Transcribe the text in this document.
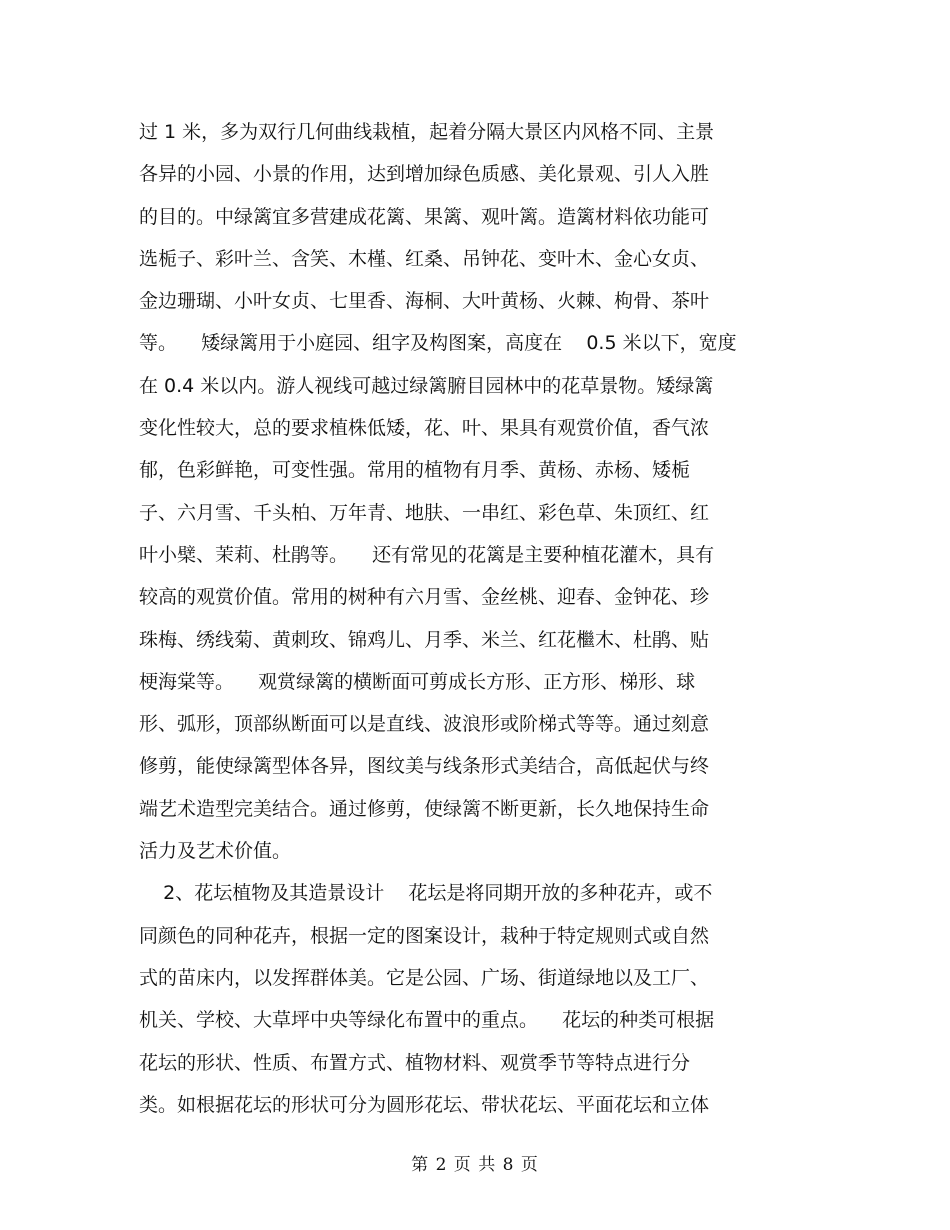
过 1 米，多为双行几何曲线栽植，起着分隔大景区内风格不同、主景
各异的小园、小景的作用，达到增加绿色质感、美化景观、引人入胜
的目的。中绿篱宜多营建成花篱、果篱、观叶篱。造篱材料依功能可
选栀子、彩叶兰、含笑、木槿、红桑、吊钟花、变叶木、金心女贞、
金边珊瑚、小叶女贞、七里香、海桐、大叶黄杨、火棘、枸骨、茶叶
等。    矮绿篱用于小庭园、组字及构图案，高度在    0.5 米以下，宽度
在 0.4 米以内。游人视线可越过绿篱腑目园林中的花草景物。矮绿篱
变化性较大，总的要求植株低矮，花、叶、果具有观赏价值，香气浓
郁，色彩鲜艳，可变性强。常用的植物有月季、黄杨、赤杨、矮栀
子、六月雪、千头柏、万年青、地肤、一串红、彩色草、朱顶红、红
叶小檗、茉莉、杜鹃等。    还有常见的花篱是主要种植花灌木，具有
较高的观赏价值。常用的树种有六月雪、金丝桃、迎春、金钟花、珍
珠梅、绣线菊、黄刺玫、锦鸡儿、月季、米兰、红花檵木、杜鹃、贴
梗海棠等。    观赏绿篱的横断面可剪成长方形、正方形、梯形、球
形、弧形，顶部纵断面可以是直线、波浪形或阶梯式等等。通过刻意
修剪，能使绿篱型体各异，图纹美与线条形式美结合，高低起伏与终
端艺术造型完美结合。通过修剪，使绿篱不断更新，长久地保持生命
活力及艺术价值。
2、花坛植物及其造景设计    花坛是将同期开放的多种花卉，或不
同颜色的同种花卉，根据一定的图案设计，栽种于特定规则式或自然
式的苗床内，以发挥群体美。它是公园、广场、街道绿地以及工厂、
机关、学校、大草坪中央等绿化布置中的重点。    花坛的种类可根据
花坛的形状、性质、布置方式、植物材料、观赏季节等特点进行分
类。如根据花坛的形状可分为圆形花坛、带状花坛、平面花坛和立体
第 2 页 共 8 页
